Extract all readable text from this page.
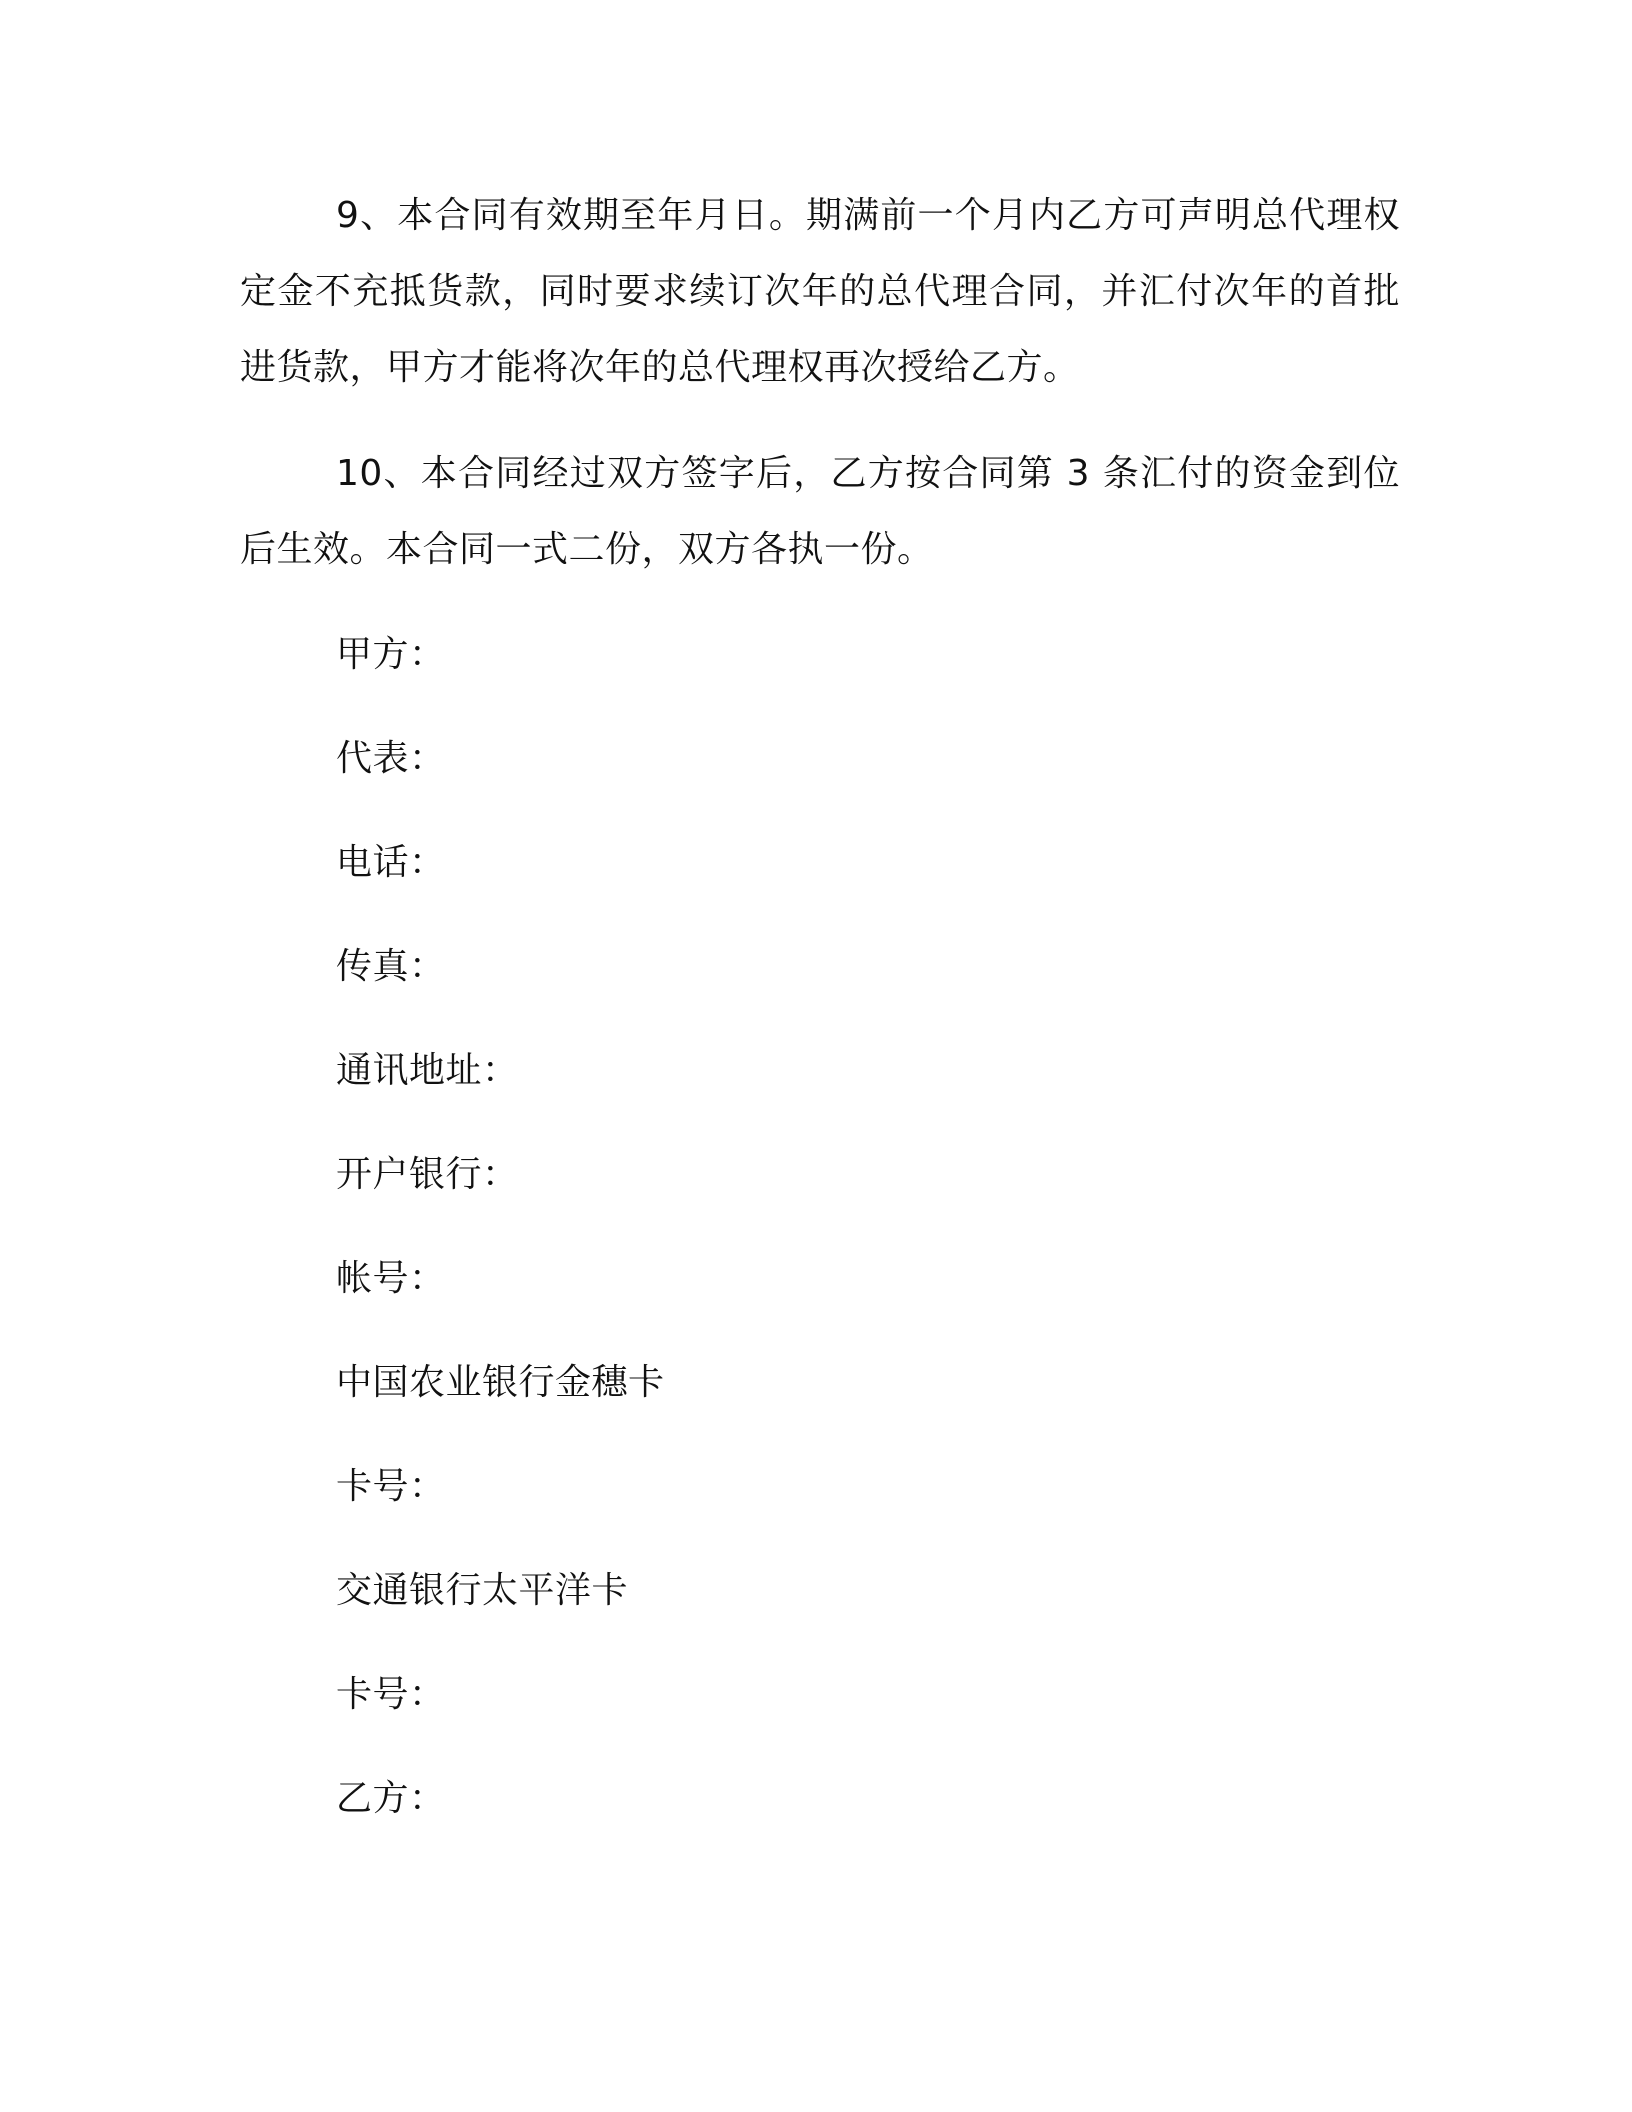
9、本合同有效期至年月日。期满前一个月内乙方可声明总代理权定金不充抵货款，同时要求续订次年的总代理合同，并汇付次年的首批进货款，甲方才能将次年的总代理权再次授给乙方。

10、本合同经过双方签字后，乙方按合同第 3 条汇付的资金到位后生效。本合同一式二份，双方各执一份。

甲方：

代表：

电话：

传真：

通讯地址：

开户银行：

帐号：

中国农业银行金穗卡

卡号：

交通银行太平洋卡

卡号：

乙方：
